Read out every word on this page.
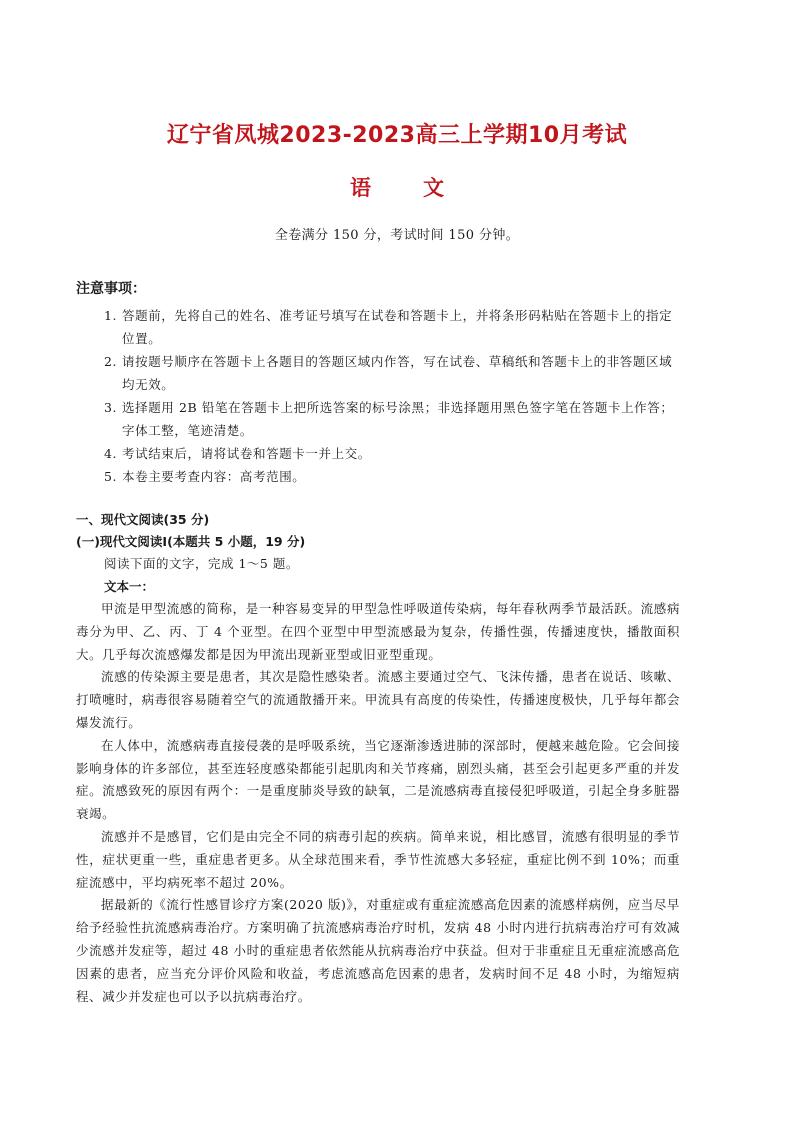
辽宁省凤城2023-2023高三上学期10月考试
语 文
全卷满分 150 分，考试时间 150 分钟。
注意事项：
1. 答题前，先将自己的姓名、准考证号填写在试卷和答题卡上，并将条形码粘贴在答题卡上的指定位置。
2. 请按题号顺序在答题卡上各题目的答题区域内作答，写在试卷、草稿纸和答题卡上的非答题区域均无效。
3. 选择题用 2B 铅笔在答题卡上把所选答案的标号涂黑；非选择题用黑色签字笔在答题卡上作答；字体工整，笔迹清楚。
4. 考试结束后，请将试卷和答题卡一并上交。
5. 本卷主要考查内容：高考范围。
一、现代文阅读(35 分)
(一)现代文阅读Ⅰ(本题共 5 小题，19 分)
阅读下面的文字，完成 1～5 题。
文本一：

甲流是甲型流感的简称，是一种容易变异的甲型急性呼吸道传染病，每年春秋两季节最活跃。流感病毒分为甲、乙、丙、丁 4 个亚型。在四个亚型中甲型流感最为复杂，传播性强，传播速度快，播散面积大。几乎每次流感爆发都是因为甲流出现新亚型或旧亚型重现。

流感的传染源主要是患者，其次是隐性感染者。流感主要通过空气、飞沫传播，患者在说话、咳嗽、打喷嚏时，病毒很容易随着空气的流通散播开来。甲流具有高度的传染性，传播速度极快，几乎每年都会爆发流行。

在人体中，流感病毒直接侵袭的是呼吸系统，当它逐渐渗透进肺的深部时，便越来越危险。它会间接影响身体的许多部位，甚至连轻度感染都能引起肌肉和关节疼痛，剧烈头痛，甚至会引起更多严重的并发症。流感致死的原因有两个：一是重度肺炎导致的缺氧，二是流感病毒直接侵犯呼吸道，引起全身多脏器衰竭。

流感并不是感冒，它们是由完全不同的病毒引起的疾病。简单来说，相比感冒，流感有很明显的季节性，症状更重一些，重症患者更多。从全球范围来看，季节性流感大多轻症，重症比例不到 10%；而重症流感中，平均病死率不超过 20%。

据最新的《流行性感冒诊疗方案(2020 版)》，对重症或有重症流感高危因素的流感样病例，应当尽早给予经验性抗流感病毒治疗。方案明确了抗流感病毒治疗时机，发病 48 小时内进行抗病毒治疗可有效减少流感并发症等，超过 48 小时的重症患者依然能从抗病毒治疗中获益。但对于非重症且无重症流感高危因素的患者，应当充分评价风险和收益，考虑流感高危因素的患者，发病时间不足 48 小时，为缩短病程、减少并发症也可以予以抗病毒治疗。
